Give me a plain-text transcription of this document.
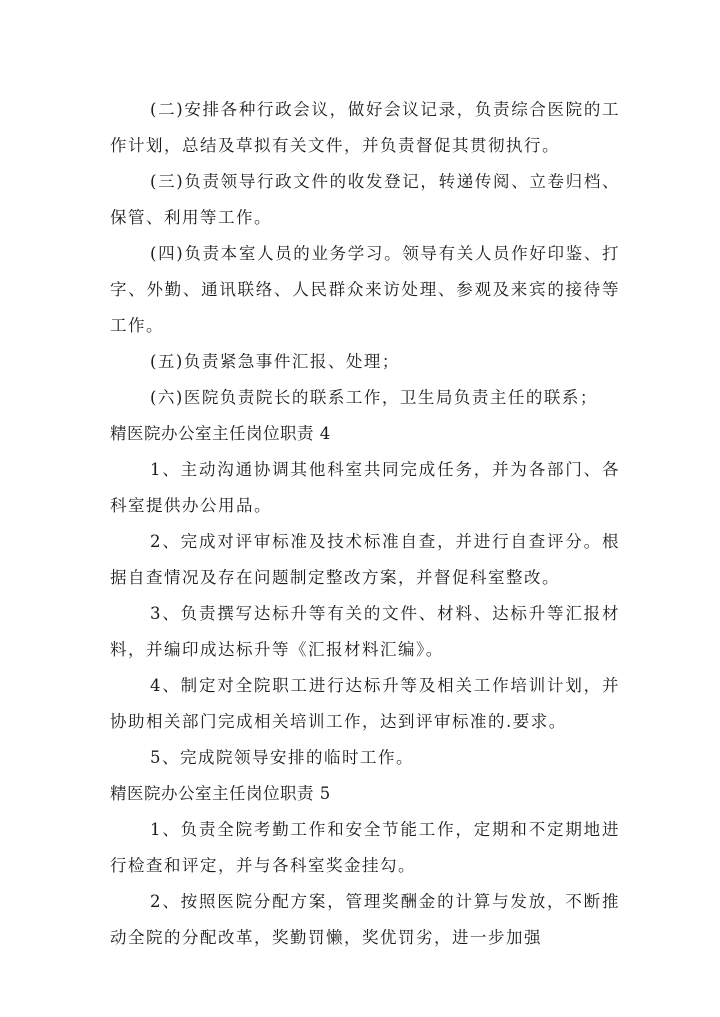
(二)安排各种行政会议，做好会议记录，负责综合医院的工作计划，总结及草拟有关文件，并负责督促其贯彻执行。

(三)负责领导行政文件的收发登记，转递传阅、立卷归档、保管、利用等工作。

(四)负责本室人员的业务学习。领导有关人员作好印鉴、打字、外勤、通讯联络、人民群众来访处理、参观及来宾的接待等工作。

(五)负责紧急事件汇报、处理；

(六)医院负责院长的联系工作，卫生局负责主任的联系；

精医院办公室主任岗位职责 4

1、主动沟通协调其他科室共同完成任务，并为各部门、各科室提供办公用品。

2、完成对评审标准及技术标准自查，并进行自查评分。根据自查情况及存在问题制定整改方案，并督促科室整改。

3、负责撰写达标升等有关的文件、材料、达标升等汇报材料，并编印成达标升等《汇报材料汇编》。

4、制定对全院职工进行达标升等及相关工作培训计划，并协助相关部门完成相关培训工作，达到评审标准的.要求。

5、完成院领导安排的临时工作。

精医院办公室主任岗位职责 5

1、负责全院考勤工作和安全节能工作，定期和不定期地进行检查和评定，并与各科室奖金挂勾。

2、按照医院分配方案，管理奖酬金的计算与发放，不断推动全院的分配改革，奖勤罚懒，奖优罚劣，进一步加强
